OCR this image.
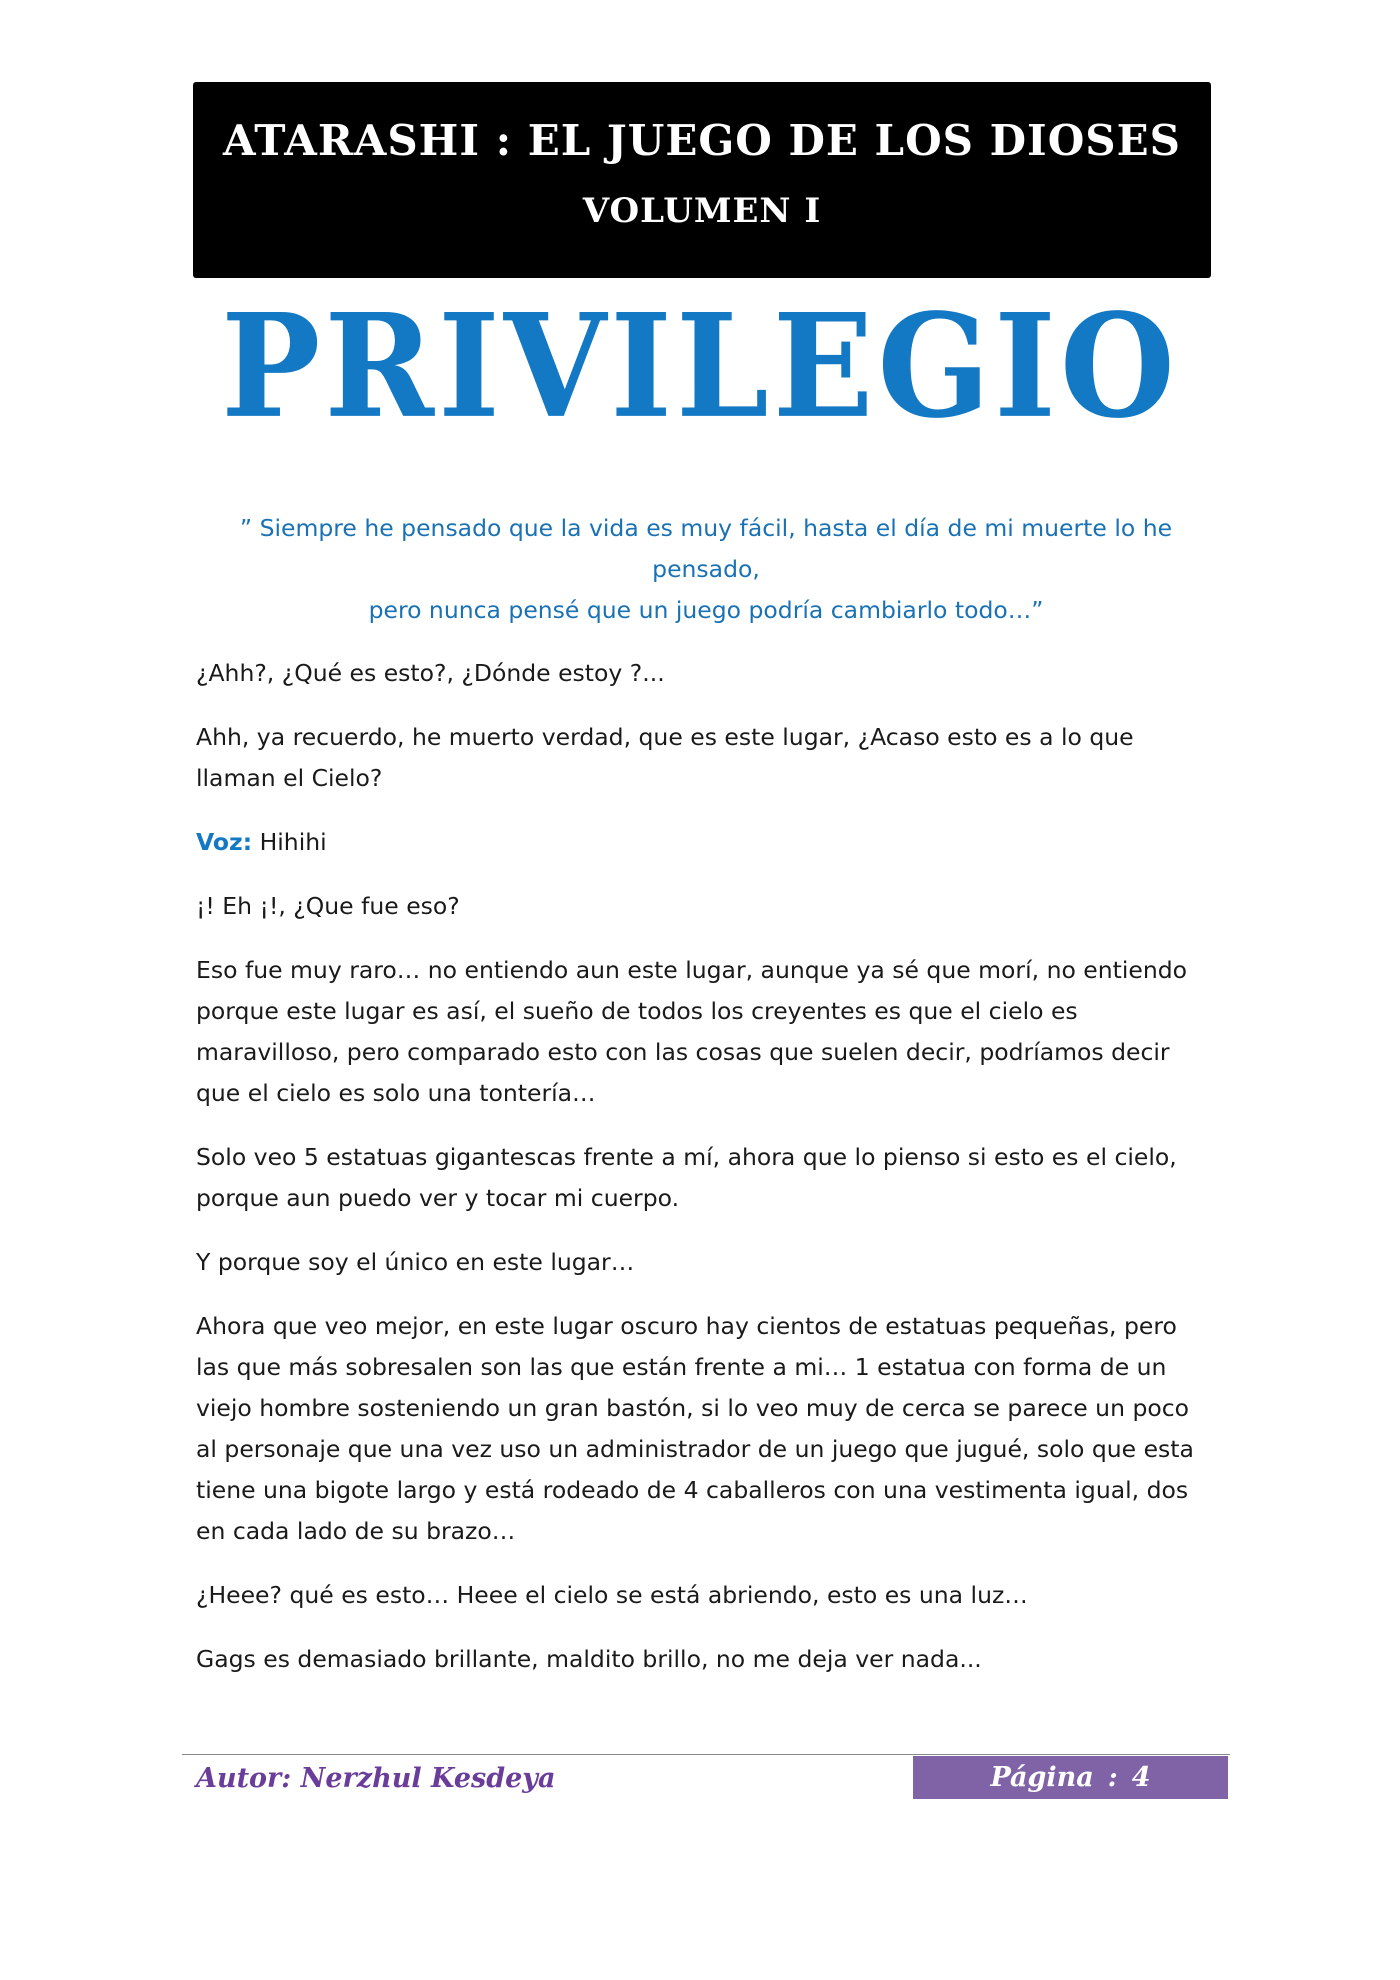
ATARASHI : EL JUEGO DE LOS DIOSES
VOLUMEN I
PRIVILEGIO

” Siempre he pensado que la vida es muy fácil, hasta el día de mi muerte lo he pensado,
pero nunca pensé que un juego podría cambiarlo todo…”

¿Ahh?, ¿Qué es esto?, ¿Dónde estoy ?...

Ahh, ya recuerdo, he muerto verdad, que es este lugar, ¿Acaso esto es a lo que llaman el Cielo?

Voz: Hihihi

¡! Eh ¡!, ¿Que fue eso?

Eso fue muy raro… no entiendo aun este lugar, aunque ya sé que morí, no entiendo porque este lugar es así, el sueño de todos los creyentes es que el cielo es maravilloso, pero comparado esto con las cosas que suelen decir, podríamos decir que el cielo es solo una tontería…

Solo veo 5 estatuas gigantescas frente a mí, ahora que lo pienso si esto es el cielo, porque aun puedo ver y tocar mi cuerpo.

Y porque soy el único en este lugar…

Ahora que veo mejor, en este lugar oscuro hay cientos de estatuas pequeñas, pero las que más sobresalen son las que están frente a mi… 1 estatua con forma de un viejo hombre sosteniendo un gran bastón, si lo veo muy de cerca se parece un poco al personaje que una vez uso un administrador de un juego que jugué, solo que esta tiene una bigote largo y está rodeado de 4 caballeros con una vestimenta igual, dos en cada lado de su brazo…

¿Heee? qué es esto… Heee el cielo se está abriendo, esto es una luz…

Gags es demasiado brillante, maldito brillo, no me deja ver nada...

Autor: Nerzhul Kesdeya	Página : 4
